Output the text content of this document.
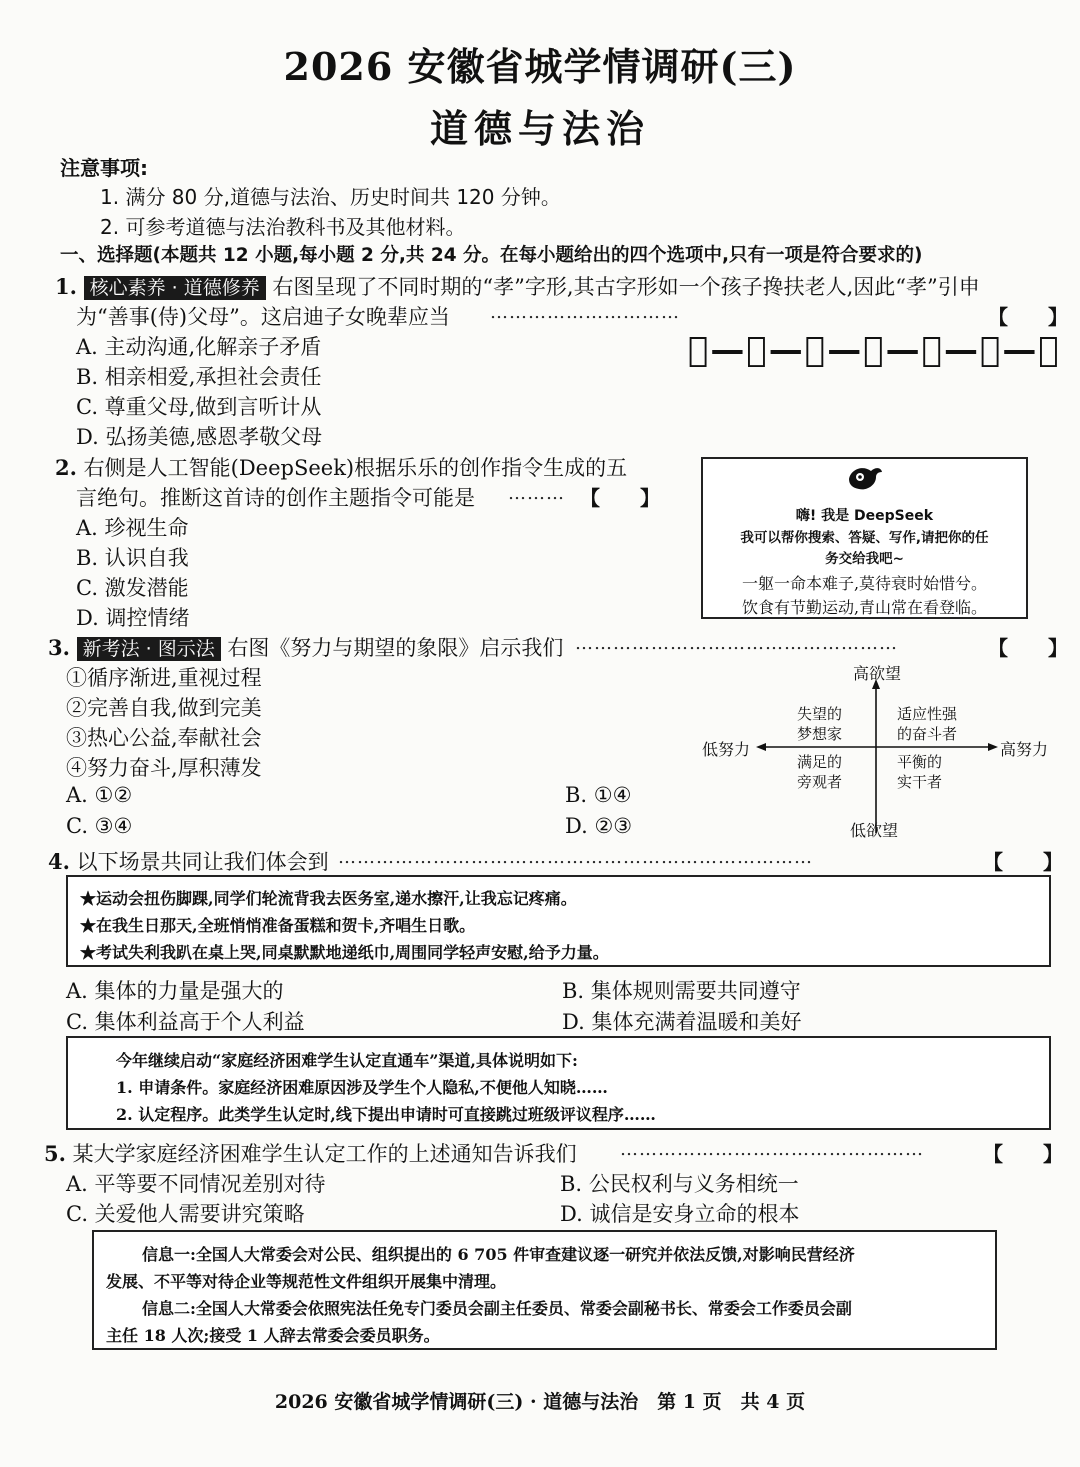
2026 安徽省城学情调研(三)
道德与法治
注意事项:
1. 满分 80 分,道德与法治、历史时间共 120 分钟。
2. 可参考道德与法治教科书及其他材料。
一、选择题(本题共 12 小题,每小题 2 分,共 24 分。在每小题给出的四个选项中,只有一项是符合要求的)
1. 核心素养 · 道德修养 右图呈现了不同时期的“孝”字形,其古字形如一个孩子搀扶老人,因此“孝”引申
为“善事(侍)父母”。这启迪子女晚辈应当 …………………………	【　　】
A. 主动沟通,化解亲子矛盾
B. 相亲相爱,承担社会责任
C. 尊重父母,做到言听计从
D. 弘扬美德,感恩孝敬父母
𡴀—耂—孝—孝—孝—孝—孝
2. 右侧是人工智能(DeepSeek)根据乐乐的创作指令生成的五
言绝句。推断这首诗的创作主题指令可能是 ……… 【　　】
A. 珍视生命
B. 认识自我
C. 激发潜能
D. 调控情绪
嗨! 我是 DeepSeek
我可以帮你搜索、答疑、写作,请把你的任
务交给我吧~
一躯一命本难子,莫待衰时始惜兮。
饮食有节勤运动,青山常在看登临。
3. 新考法 · 图示法 右图《努力与期望的象限》启示我们 ……………………………………………	【　　】
①循序渐进,重视过程
②完善自我,做到完美
③热心公益,奉献社会
④努力奋斗,厚积薄发
A. ①②	B. ①④
C. ③④	D. ②③
高欲望
低欲望
低努力	高努力
失望的
梦想家
适应性强
的奋斗者
满足的
旁观者
平衡的
实干者
4. 以下场景共同让我们体会到 …………………………………………………………………	【　　】
★运动会扭伤脚踝,同学们轮流背我去医务室,递水擦汗,让我忘记疼痛。
★在我生日那天,全班悄悄准备蛋糕和贺卡,齐唱生日歌。
★考试失利我趴在桌上哭,同桌默默地递纸巾,周围同学轻声安慰,给予力量。
A. 集体的力量是强大的	B. 集体规则需要共同遵守
C. 集体利益高于个人利益	D. 集体充满着温暖和美好
今年继续启动“家庭经济困难学生认定直通车”渠道,具体说明如下:
1. 申请条件。家庭经济困难原因涉及学生个人隐私,不便他人知晓……
2. 认定程序。此类学生认定时,线下提出申请时可直接跳过班级评议程序……
5. 某大学家庭经济困难学生认定工作的上述通知告诉我们 …………………………………………	【　　】
A. 平等要不同情况差别对待	B. 公民权利与义务相统一
C. 关爱他人需要讲究策略	D. 诚信是安身立命的根本
信息一:全国人大常委会对公民、组织提出的 6 705 件审查建议逐一研究并依法反馈,对影响民营经济
发展、不平等对待企业等规范性文件组织开展集中清理。
信息二:全国人大常委会依照宪法任免专门委员会副主任委员、常委会副秘书长、常委会工作委员会副
主任 18 人次;接受 1 人辞去常委会委员职务。
2026 安徽省城学情调研(三) · 道德与法治　第 1 页　共 4 页
